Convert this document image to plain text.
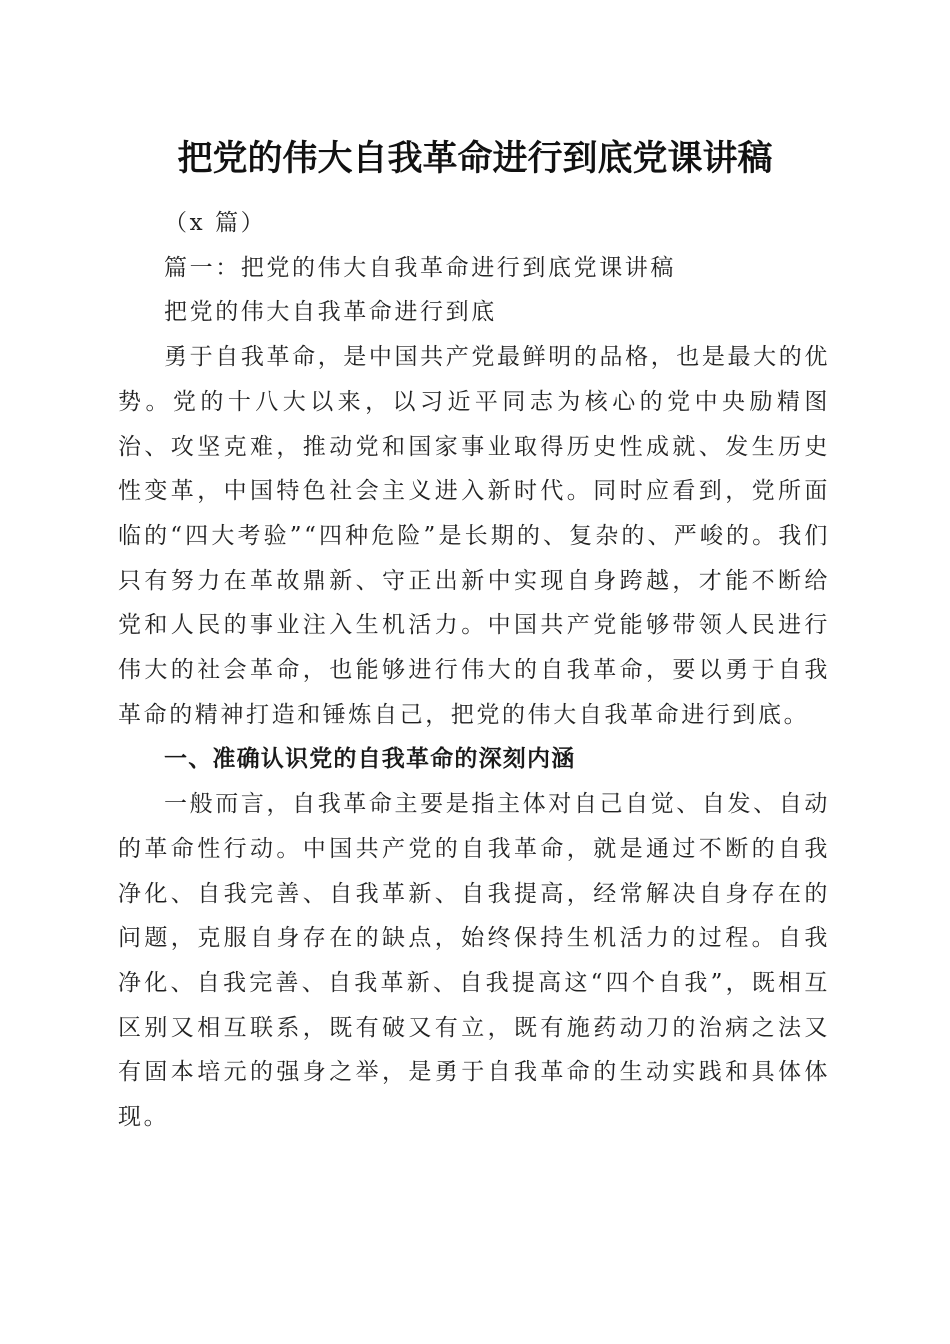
把党的伟大自我革命进行到底党课讲稿

（x 篇）

篇一：把党的伟大自我革命进行到底党课讲稿

把党的伟大自我革命进行到底

勇于自我革命，是中国共产党最鲜明的品格，也是最大的优势。党的十八大以来，以习近平同志为核心的党中央励精图治、攻坚克难，推动党和国家事业取得历史性成就、发生历史性变革，中国特色社会主义进入新时代。同时应看到，党所面临的“四大考验”“四种危险”是长期的、复杂的、严峻的。我们只有努力在革故鼎新、守正出新中实现自身跨越，才能不断给党和人民的事业注入生机活力。中国共产党能够带领人民进行伟大的社会革命，也能够进行伟大的自我革命，要以勇于自我革命的精神打造和锤炼自己，把党的伟大自我革命进行到底。

一、准确认识党的自我革命的深刻内涵

一般而言，自我革命主要是指主体对自己自觉、自发、自动的革命性行动。中国共产党的自我革命，就是通过不断的自我净化、自我完善、自我革新、自我提高，经常解决自身存在的问题，克服自身存在的缺点，始终保持生机活力的过程。自我净化、自我完善、自我革新、自我提高这“四个自我”，既相互区别又相互联系，既有破又有立，既有施药动刀的治病之法又有固本培元的强身之举，是勇于自我革命的生动实践和具体体现。
